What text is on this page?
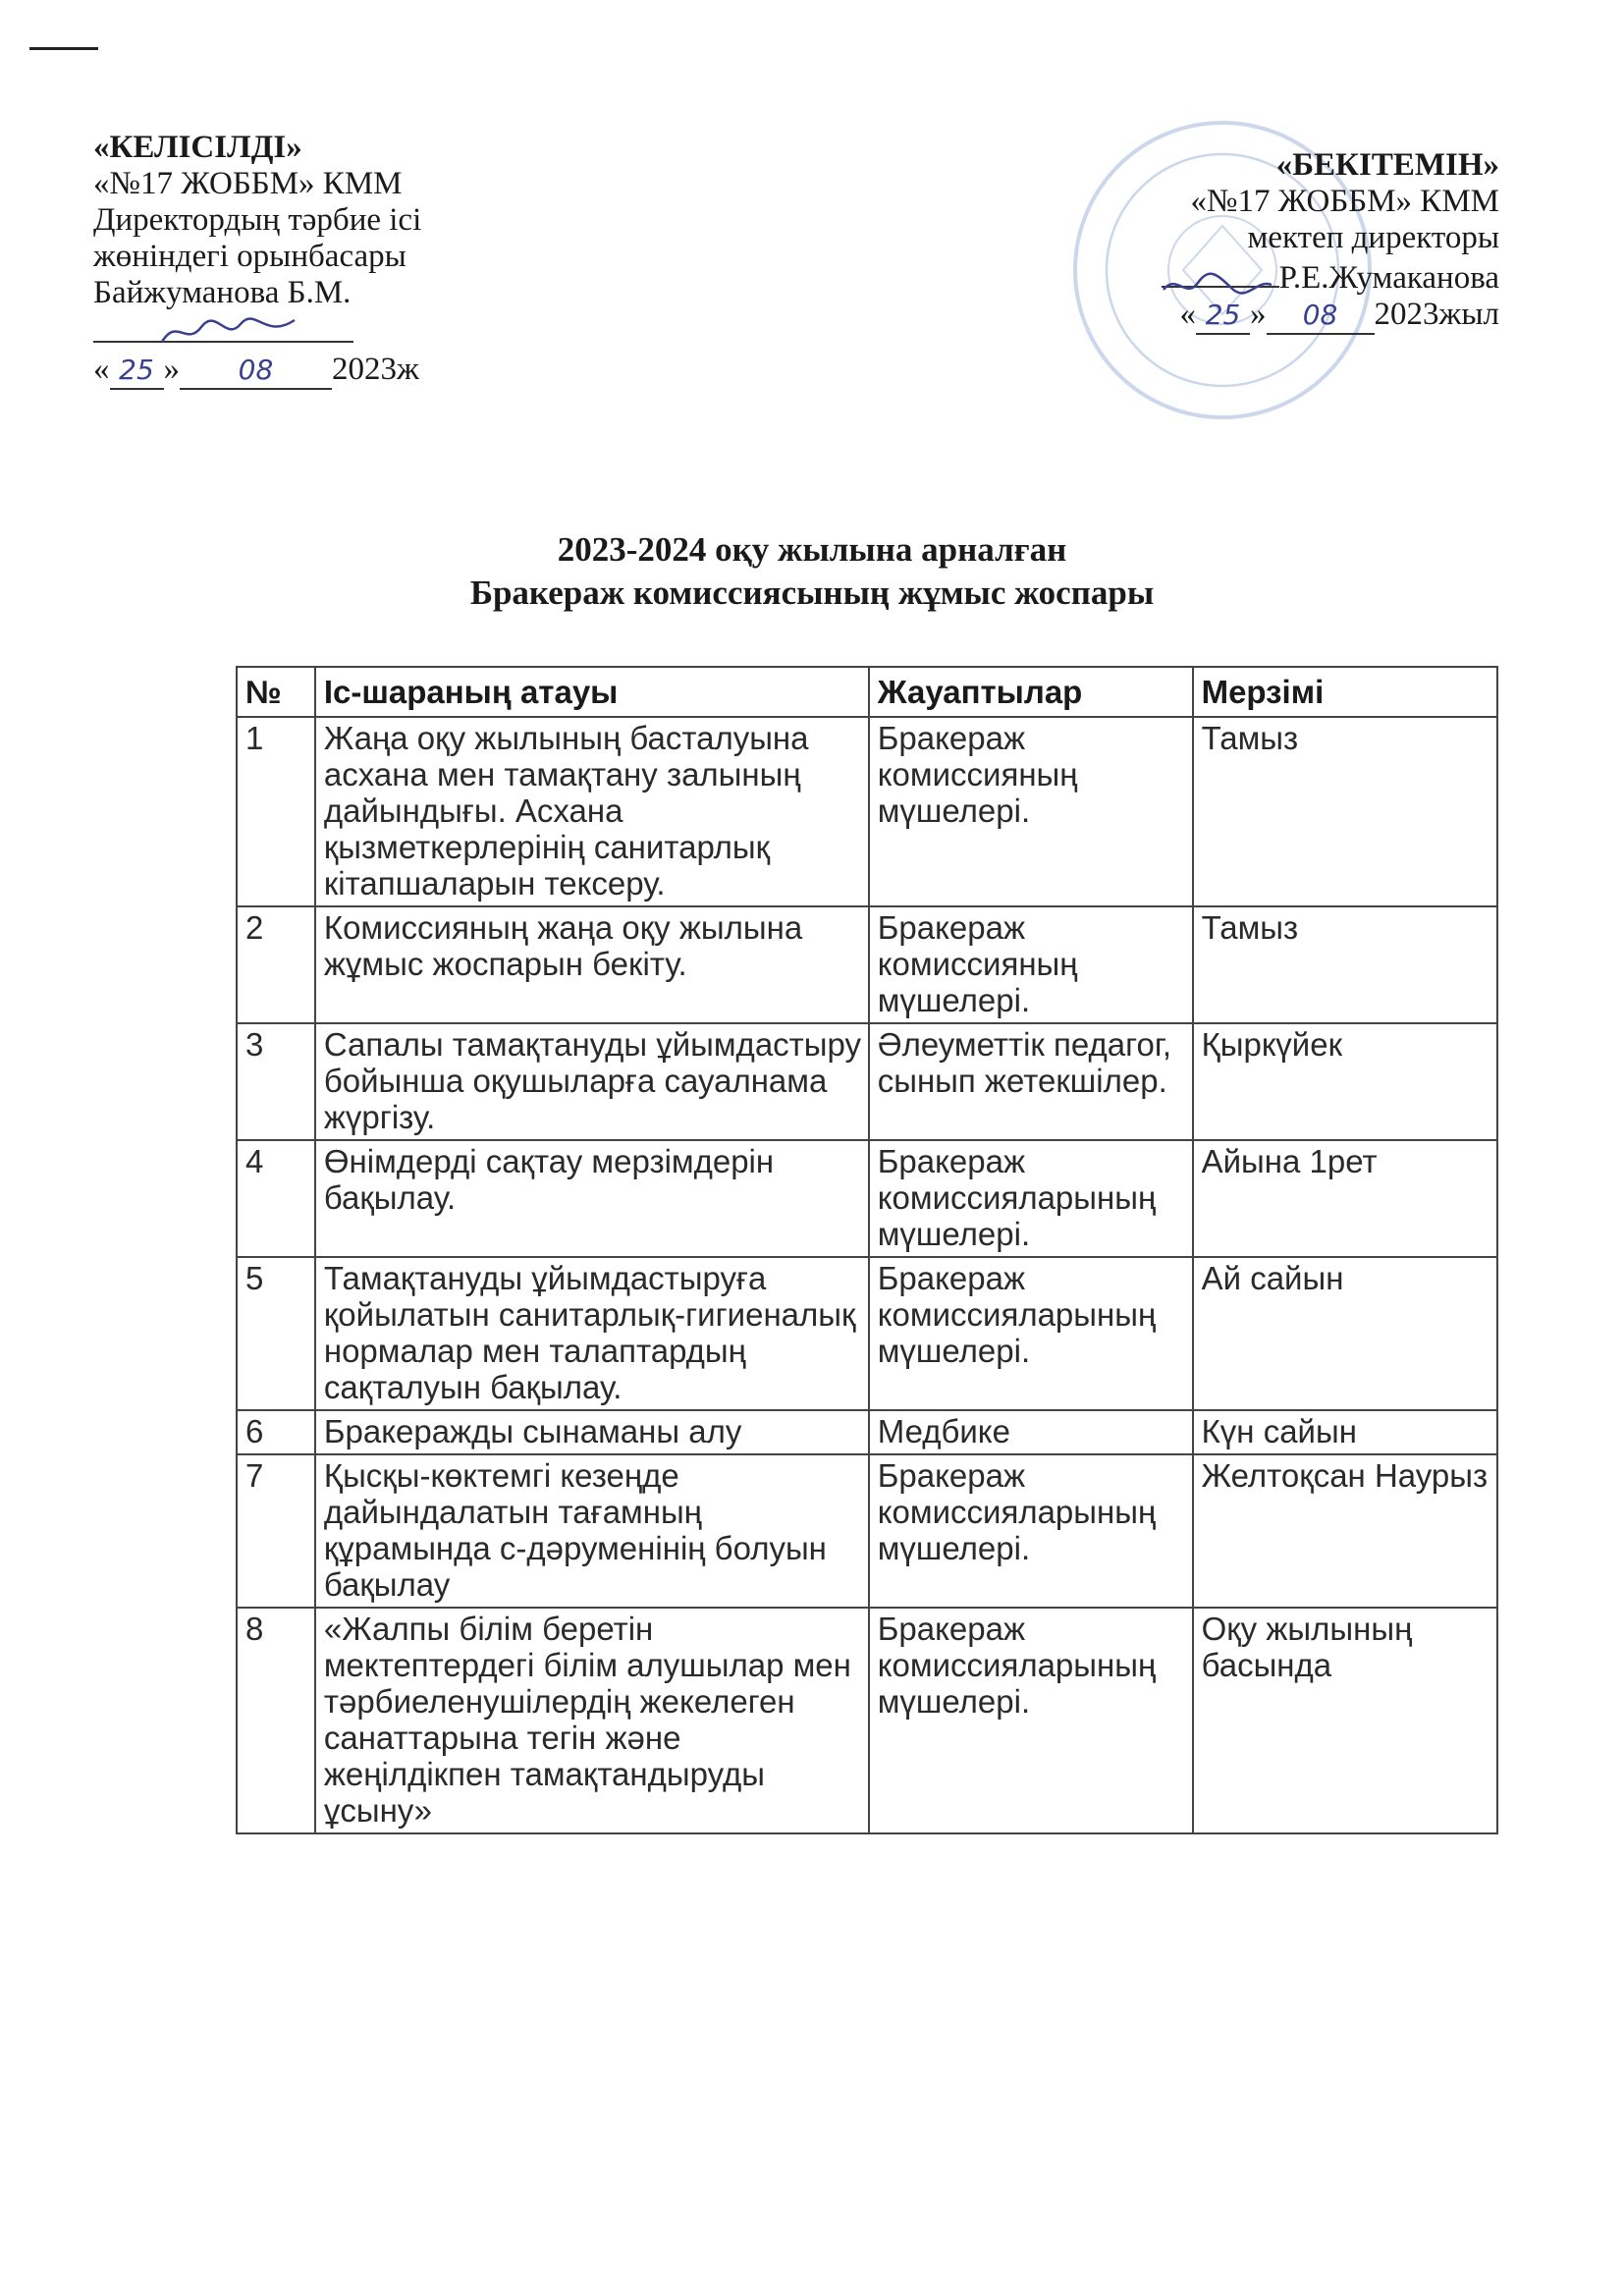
«КЕЛІСІЛДІ»
«№17 ЖОББМ» КММ
Директордың тәрбие ісі
жөніндегі орынбасары
Байжуманова Б.М.
« 25 » 08 2023ж
«БЕКІТЕМІН»
«№17 ЖОББМ» КММ
мектеп директоры
Р.Е.Жумаканова
« 25 » 08 2023жыл
2023-2024 оқу жылына арналған
Бракераж комиссиясының жұмыс жоспары
№	Іс-шараның атауы	Жауаптылар	Мерзімі
1	Жаңа оқу жылының басталуына асхана мен тамақтану залының дайындығы. Асхана қызметкерлерінің санитарлық кітапшаларын тексеру.	Бракераж комиссияның мүшелері.	Тамыз
2	Комиссияның жаңа оқу жылына жұмыс жоспарын бекіту.	Бракераж комиссияның мүшелері.	Тамыз
3	Сапалы тамақтануды ұйымдастыру бойынша оқушыларға сауалнама жүргізу.	Әлеуметтік педагог, сынып жетекшілер.	Қыркүйек
4	Өнімдерді сақтау мерзімдерін бақылау.	Бракераж комиссияларының мүшелері.	Айына 1рет
5	Тамақтануды ұйымдастыруға қойылатын санитарлық-гигиеналық нормалар мен талаптардың сақталуын бақылау.	Бракераж комиссияларының мүшелері.	Ай сайын
6	Бракеражды сынаманы алу	Медбике	Күн сайын
7	Қысқы-көктемгі кезеңде дайындалатын тағамның құрамында с-дәруменінің болуын бақылау	Бракераж комиссияларының мүшелері.	Желтоқсан Наурыз
8	«Жалпы білім беретін мектептердегі білім алушылар мен тәрбиеленушілердің жекелеген санаттарына тегін және жеңілдікпен тамақтандыруды ұсыну»	Бракераж комиссияларының мүшелері.	Оқу жылының басында
